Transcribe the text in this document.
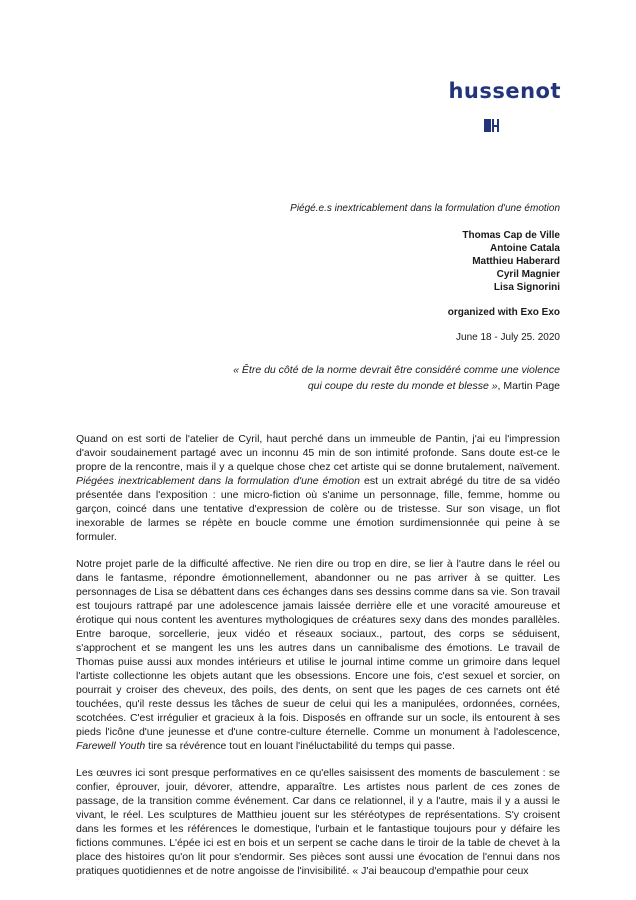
hussenot
Piégé.e.s inextricablement dans la formulation d'une émotion
Thomas Cap de Ville
Antoine Catala
Matthieu Haberard
Cyril Magnier
Lisa Signorini
organized with Exo Exo
June 18 - July 25. 2020
« Être du côté de la norme devrait être considéré comme une violence
qui coupe du reste du monde et blesse », Martin Page

Quand on est sorti de l'atelier de Cyril, haut perché dans un immeuble de Pantin, j'ai eu l'impression d'avoir soudainement partagé avec un inconnu 45 min de son intimité profonde. Sans doute est-ce le propre de la rencontre, mais il y a quelque chose chez cet artiste qui se donne brutalement, naïvement. Piégées inextricablement dans la formulation d'une émotion est un extrait abrégé du titre de sa vidéo présentée dans l'exposition : une micro-fiction où s'anime un personnage, fille, femme, homme ou garçon, coincé dans une tentative d'expression de colère ou de tristesse. Sur son visage, un flot inexorable de larmes se répète en boucle comme une émotion surdimensionnée qui peine à se formuler.

Notre projet parle de la difficulté affective. Ne rien dire ou trop en dire, se lier à l'autre dans le réel ou dans le fantasme, répondre émotionnellement, abandonner ou ne pas arriver à se quitter. Les personnages de Lisa se débattent dans ces échanges dans ses dessins comme dans sa vie. Son travail est toujours rattrapé par une adolescence jamais laissée derrière elle et une voracité amoureuse et érotique qui nous content les aventures mythologiques de créatures sexy dans des mondes parallèles. Entre baroque, sorcellerie, jeux vidéo et réseaux sociaux., partout, des corps se séduisent, s'approchent et se mangent les uns les autres dans un cannibalisme des émotions. Le travail de Thomas puise aussi aux mondes intérieurs et utilise le journal intime comme un grimoire dans lequel l'artiste collectionne les objets autant que les obsessions. Encore une fois, c'est sexuel et sorcier, on pourrait y croiser des cheveux, des poils, des dents, on sent que les pages de ces carnets ont été touchées, qu'il reste dessus les tâches de sueur de celui qui les a manipulées, ordonnées, cornées, scotchées. C'est irrégulier et gracieux à la fois. Disposés en offrande sur un socle, ils entourent à ses pieds l'icône d'une jeunesse et d'une contre-culture éternelle. Comme un monument à l'adolescence, Farewell Youth tire sa révérence tout en louant l'inéluctabilité du temps qui passe.

Les œuvres ici sont presque performatives en ce qu'elles saisissent des moments de basculement : se confier, éprouver, jouir, dévorer, attendre, apparaître. Les artistes nous parlent de ces zones de passage, de la transition comme événement. Car dans ce relationnel, il y a l'autre, mais il y a aussi le vivant, le réel. Les sculptures de Matthieu jouent sur les stéréotypes de représentations. S'y croisent dans les formes et les références le domestique, l'urbain et le fantastique toujours pour y défaire les fictions communes. L'épée ici est en bois et un serpent se cache dans le tiroir de la table de chevet à la place des histoires qu'on lit pour s'endormir. Ses pièces sont aussi une évocation de l'ennui dans nos pratiques quotidiennes et de notre angoisse de l'invisibilité. « J'ai beaucoup d'empathie pour ceux
